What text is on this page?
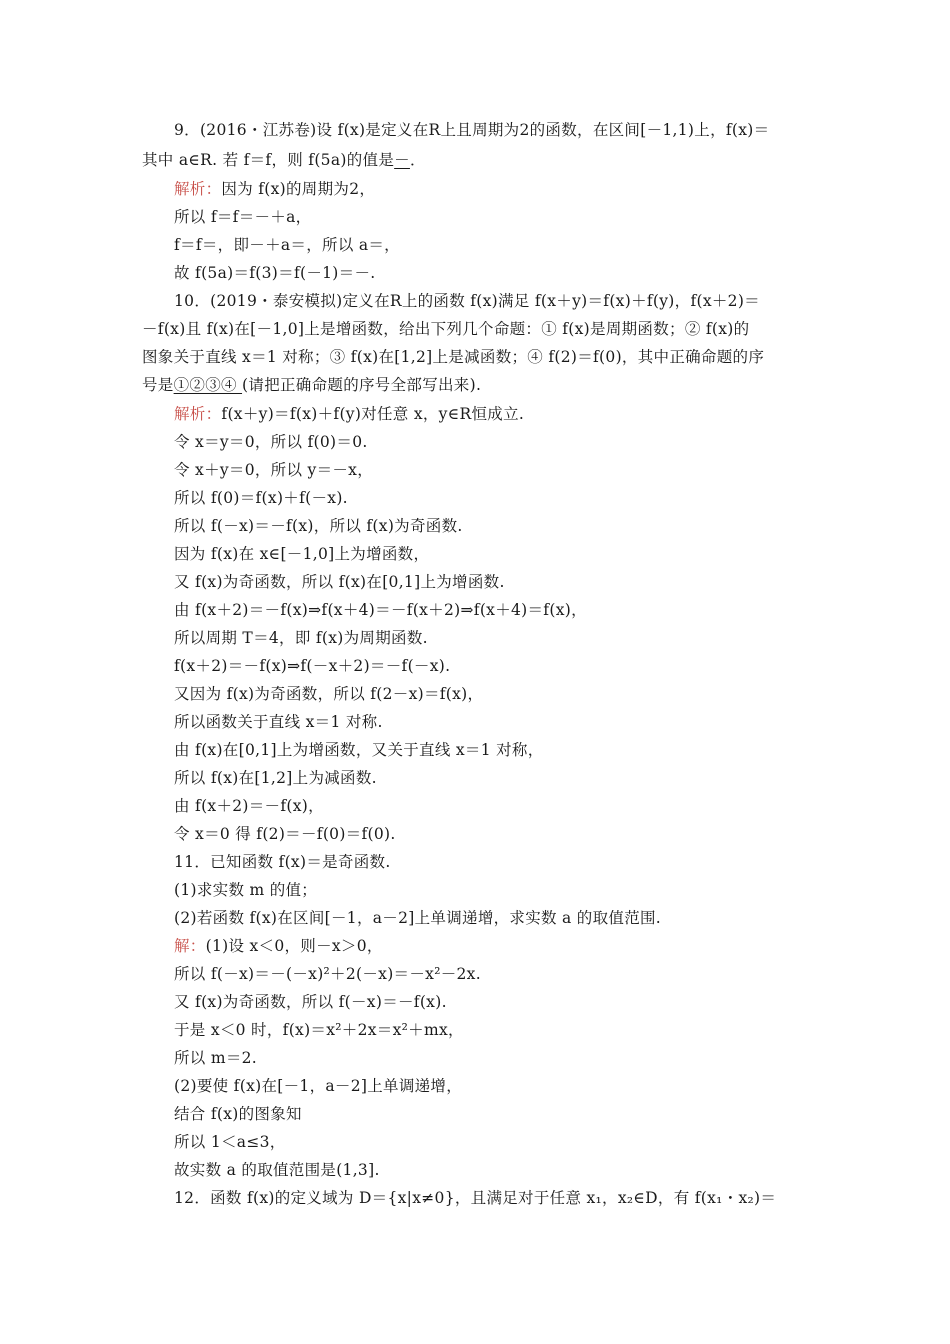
9．(2016・江苏卷)设 f(x)是定义在R上且周期为2的函数，在区间[－1,1)上，f(x)＝
其中 a∈R. 若 f＝f，则 f(5a)的值是－．
解析：因为 f(x)的周期为2，
所以 f＝f＝－＋a，
f＝f＝，即－＋a＝，所以 a＝，
故 f(5a)＝f(3)＝f(－1)＝－.
10．(2019・泰安模拟)定义在R上的函数 f(x)满足 f(x＋y)＝f(x)＋f(y)，f(x＋2)＝
－f(x)且 f(x)在[－1,0]上是增函数，给出下列几个命题：① f(x)是周期函数；② f(x)的
图象关于直线 x＝1 对称；③ f(x)在[1,2]上是减函数；④ f(2)＝f(0)，其中正确命题的序
号是①②③④ (请把正确命题的序号全部写出来).
解析：f(x＋y)＝f(x)＋f(y)对任意 x，y∈R恒成立.
令 x＝y＝0，所以 f(0)＝0.
令 x＋y＝0，所以 y＝－x，
所以 f(0)＝f(x)＋f(－x).
所以 f(－x)＝－f(x)，所以 f(x)为奇函数.
因为 f(x)在 x∈[－1,0]上为增函数，
又 f(x)为奇函数，所以 f(x)在[0,1]上为增函数.
由 f(x＋2)＝－f(x)⇒f(x＋4)＝－f(x＋2)⇒f(x＋4)＝f(x)，
所以周期 T＝4，即 f(x)为周期函数.
f(x＋2)＝－f(x)⇒f(－x＋2)＝－f(－x).
又因为 f(x)为奇函数，所以 f(2－x)＝f(x)，
所以函数关于直线 x＝1 对称.
由 f(x)在[0,1]上为增函数，又关于直线 x＝1 对称，
所以 f(x)在[1,2]上为减函数.
由 f(x＋2)＝－f(x)，
令 x＝0 得 f(2)＝－f(0)＝f(0).
11．已知函数 f(x)＝是奇函数.
(1)求实数 m 的值；
(2)若函数 f(x)在区间[－1，a－2]上单调递增，求实数 a 的取值范围.
解：(1)设 x＜0，则－x＞0，
所以 f(－x)＝－(－x)²＋2(－x)＝－x²－2x.
又 f(x)为奇函数，所以 f(－x)＝－f(x).
于是 x＜0 时，f(x)＝x²＋2x＝x²＋mx，
所以 m＝2.
(2)要使 f(x)在[－1，a－2]上单调递增，
结合 f(x)的图象知
所以 1＜a≤3，
故实数 a 的取值范围是(1,3].
12．函数 f(x)的定义域为 D＝{x|x≠0}，且满足对于任意 x₁，x₂∈D，有 f(x₁・x₂)＝
